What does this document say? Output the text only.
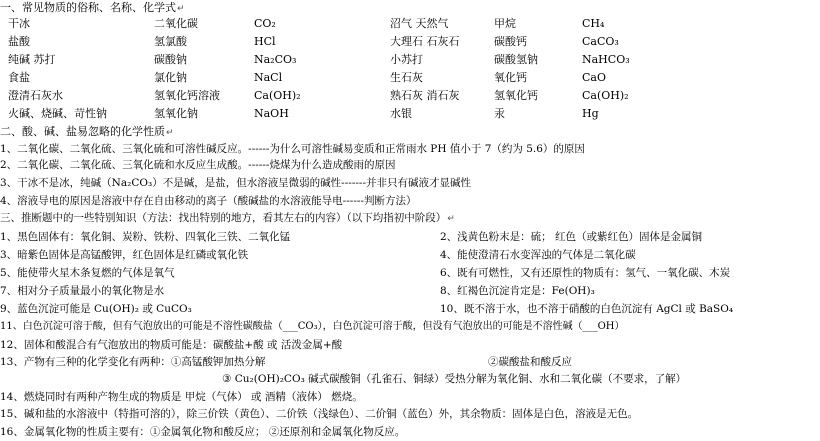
一、常见物质的俗称、名称、化学式↵
干冰	二氧化碳	CO₂	沼气 天然气	甲烷	CH₄
盐酸	氢氯酸	HCl	大理石 石灰石	碳酸钙	CaCO₃
纯碱 苏打	碳酸钠	Na₂CO₃	小苏打	碳酸氢钠	NaHCO₃
食盐	氯化钠	NaCl	生石灰	氧化钙	CaO
澄清石灰水	氢氧化钙溶液	Ca(OH)₂	熟石灰 消石灰	氢氧化钙	Ca(OH)₂
火碱、烧碱、苛性钠	氢氧化钠	NaOH	水银	汞	Hg
二、酸、碱、盐易忽略的化学性质↵
1、二氧化碳、二氧化硫、三氧化硫和可溶性碱反应。------为什么可溶性碱易变质和正常雨水 PH 值小于 7（约为 5.6）的原因
2、二氧化碳、二氧化硫、三氧化硫和水反应生成酸。------烧煤为什么造成酸雨的原因
3、干冰不是冰，纯碱（Na₂CO₃）不是碱，是盐，但水溶液呈微弱的碱性-------并非只有碱液才显碱性
4、溶液导电的原因是溶液中存在自由移动的离子（酸碱盐的水溶液能导电------判断方法）
三、推断题中的一些特别知识（方法：找出特别的地方，看其左右的内容）（以下均指初中阶段）↵
1、黑色固体有：氧化铜、炭粉、铁粉、四氧化三铁、二氧化锰	2、浅黄色粉末是：硫； 红色（或紫红色）固体是金属铜
3、暗紫色固体是高锰酸钾，红色固体是红磷或氧化铁	4、能使澄清石水变浑浊的气体是二氧化碳
5、能使带火星木条复燃的气体是氧气	6、既有可燃性，又有还原性的物质有：氢气、一氧化碳、木炭
7、相对分子质量最小的氧化物是水	8、红褐色沉淀肯定是：Fe(OH)₃
9、蓝色沉淀可能是 Cu(OH)₂ 或 CuCO₃	10、既不溶于水，也不溶于硝酸的白色沉淀有 AgCl 或 BaSO₄
11、白色沉淀可溶于酸，但有气泡放出的可能是不溶性碳酸盐（___CO₃），白色沉淀可溶于酸，但没有气泡放出的可能是不溶性碱（___OH）
12、固体和酸混合有气泡放出的物质可能是：碳酸盐+酸 或 活泼金属+酸
13、产物有三种的化学变化有两种：①高锰酸钾加热分解	②碳酸盐和酸反应
③ Cu₂(OH)₂CO₃ 碱式碳酸铜（孔雀石、铜绿）受热分解为氧化铜、水和二氧化碳（不要求，了解）
14、燃烧同时有两种产物生成的物质是 甲烷（气体） 或 酒精（液体） 燃烧。
15、碱和盐的水溶液中（特指可溶的），除三价铁（黄色）、二价铁（浅绿色）、二价铜（蓝色）外，其余物质：固体是白色，溶液是无色。
16、金属氧化物的性质主要有：①金属氧化物和酸反应； ②还原剂和金属氧化物反应。
